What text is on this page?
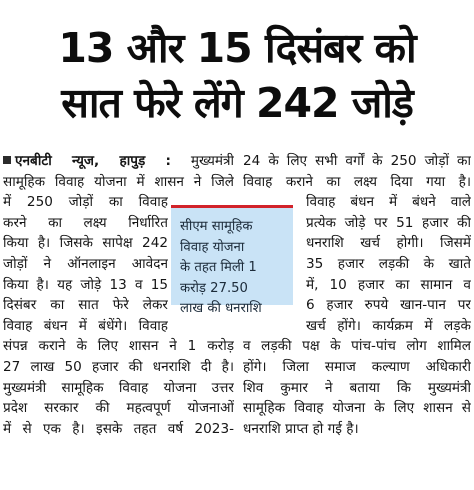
13 और 15 दिसंबर को
सात फेरे लेंगे 242 जोड़े
एनबीटी न्यूज, हापुड़ : मुख्यमंत्री
सामूहिक विवाह योजना में शासन ने जिले
में 250 जोड़ों का विवाह
करने का लक्ष्य निर्धारित
किया है। जिसके सापेक्ष 242
जोड़ों ने ऑनलाइन आवेदन
किया है। यह जोड़े 13 व 15
दिसंबर का सात फेरे लेकर
विवाह बंधन में बंधेंगे। विवाह
संपन्न कराने के लिए शासन ने 1 करोड़
27 लाख 50 हजार की धनराशि दी है।
मुख्यमंत्री सामूहिक विवाह योजना उत्तर
प्रदेश सरकार की महत्वपूर्ण योजनाओं
में से एक है। इसके तहत वर्ष 2023-
24 के लिए सभी वर्गों के 250 जोड़ों का
विवाह कराने का लक्ष्य दिया गया है।
विवाह बंधन में बंधने वाले
प्रत्येक जोड़े पर 51 हजार की
धनराशि खर्च होगी। जिसमें
35 हजार लड़की के खाते
में, 10 हजार का सामान व
6 हजार रुपये खान-पान पर
खर्च होंगे। कार्यक्रम में लड़के
व लड़की पक्ष के पांच-पांच लोग शामिल
होंगे। जिला समाज कल्याण अधिकारी
शिव कुमार ने बताया कि मुख्यमंत्री
सामूहिक विवाह योजना के लिए शासन से
धनराशि प्राप्त हो गई है।
सीएम सामूहिक
विवाह योजना
के तहत मिली 1
करोड़ 27.50
लाख की धनराशि
